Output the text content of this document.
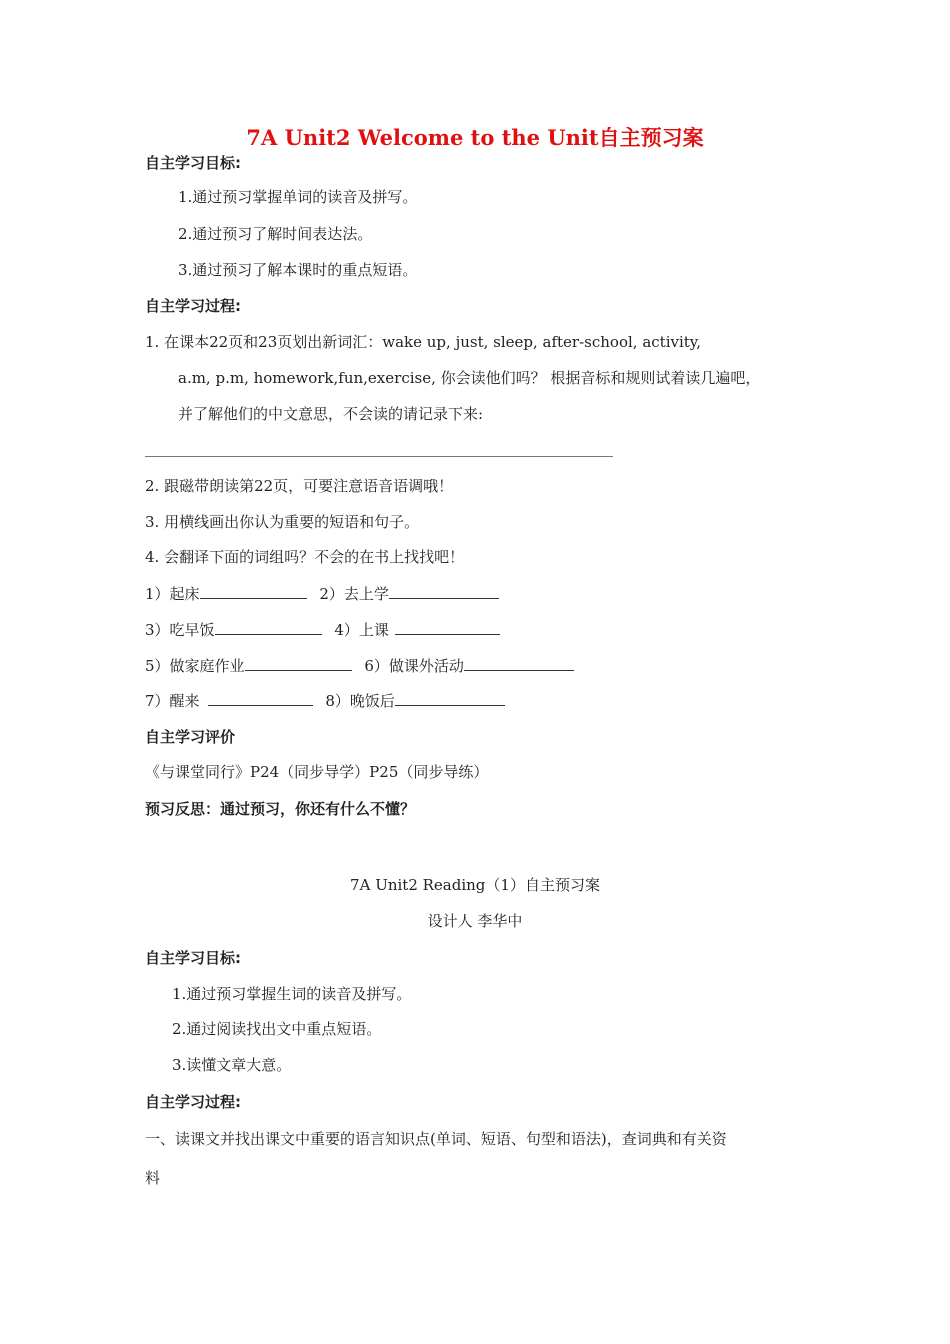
7A Unit2 Welcome to the Unit自主预习案
自主学习目标:
1.通过预习掌握单词的读音及拼写。
2.通过预习了解时间表达法。
3.通过预习了解本课时的重点短语。
自主学习过程:
1. 在课本22页和23页划出新词汇：wake up, just, sleep, after-school, activity,
a.m, p.m, homework,fun,exercise, 你会读他们吗？ 根据音标和规则试着读几遍吧，
并了解他们的中文意思，不会读的请记录下来:
2. 跟磁带朗读第22页，可要注意语音语调哦！
3. 用横线画出你认为重要的短语和句子。
4. 会翻译下面的词组吗？不会的在书上找找吧！
1）起床	2）去上学
3）吃早饭	4）上课
5）做家庭作业	6）做课外活动
7）醒来	8）晚饭后
自主学习评价
《与课堂同行》P24（同步导学）P25（同步导练）
预习反思：通过预习，你还有什么不懂？
7A Unit2 Reading（1）自主预习案
设计人 李华中
自主学习目标:
1.通过预习掌握生词的读音及拼写。
2.通过阅读找出文中重点短语。
3.读懂文章大意。
自主学习过程:
一、读课文并找出课文中重要的语言知识点(单词、短语、句型和语法)，查词典和有关资
料
